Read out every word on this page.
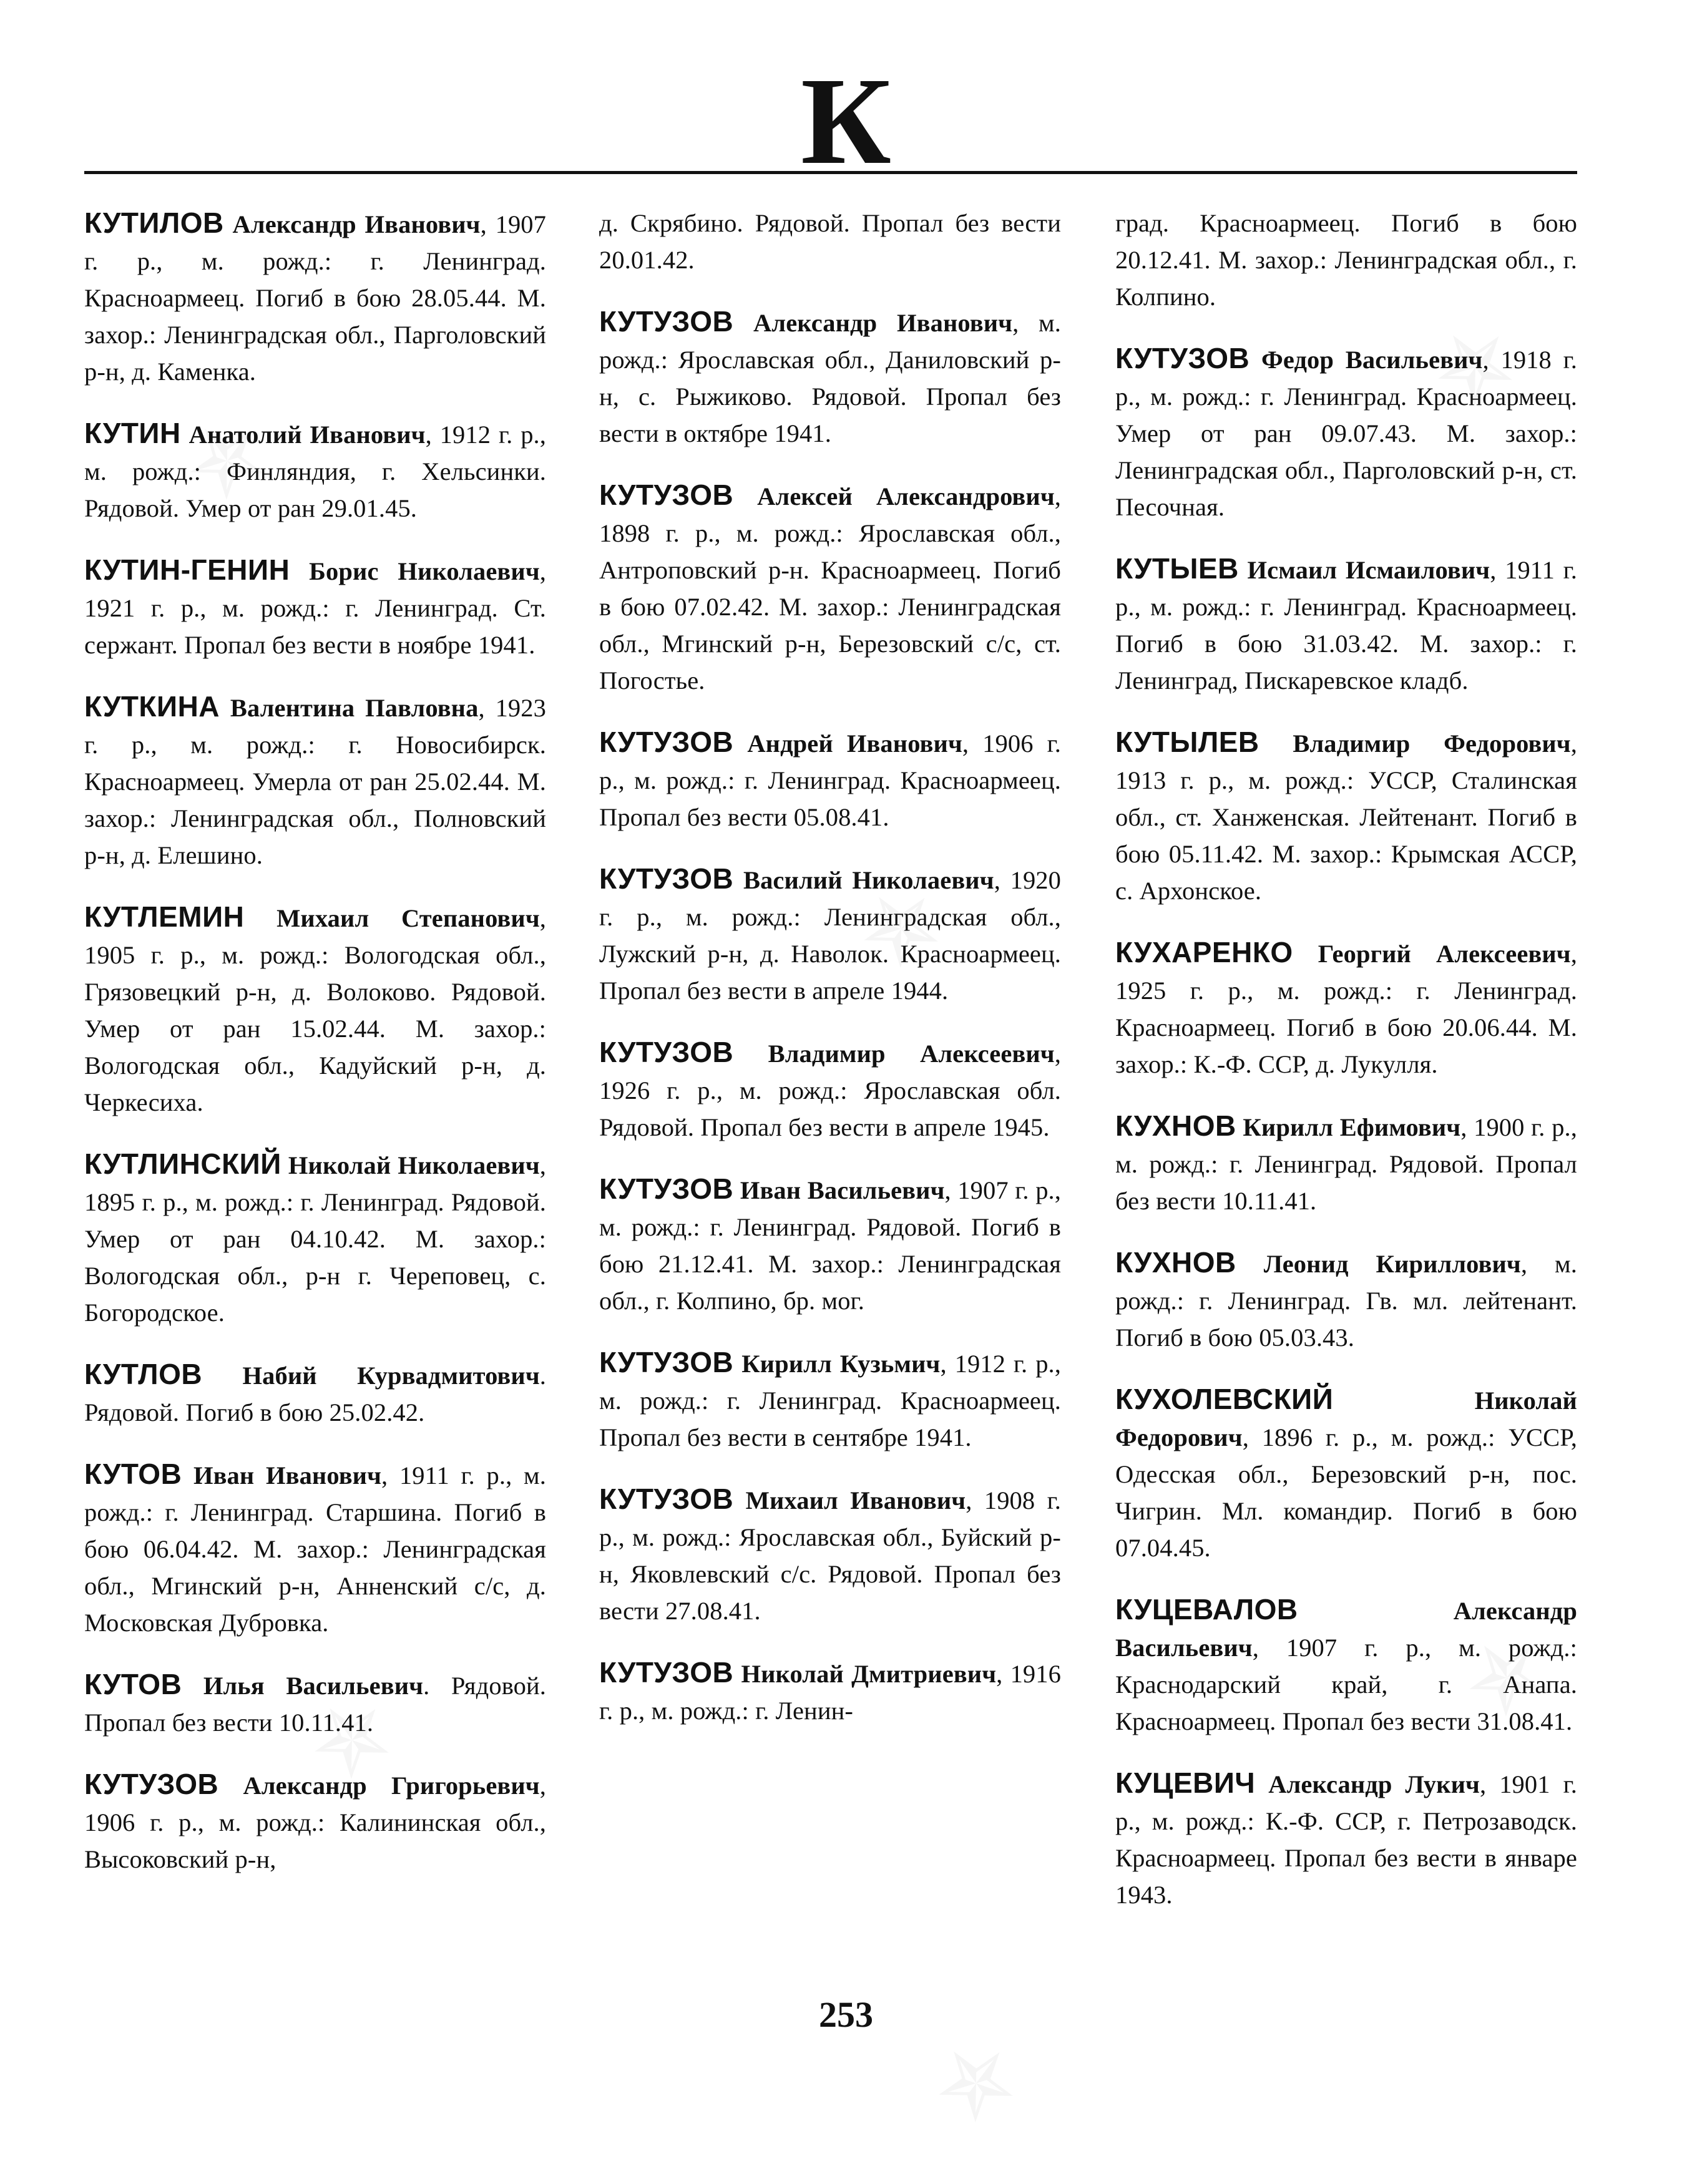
К

КУТИЛОВ Александр Иванович, 1907 г. р., м. рожд.: г. Ленинград. Красноармеец. Погиб в бою 28.05.44. М. захор.: Ленинградская обл., Парголовский р-н, д. Каменка.

КУТИН Анатолий Иванович, 1912 г. р., м. рожд.: Финляндия, г. Хельсинки. Рядовой. Умер от ран 29.01.45.

КУТИН-ГЕНИН Борис Николаевич, 1921 г. р., м. рожд.: г. Ленинград. Ст. сержант. Пропал без вести в ноябре 1941.

КУТКИНА Валентина Павловна, 1923 г. р., м. рожд.: г. Новосибирск. Красноармеец. Умерла от ран 25.02.44. М. захор.: Ленинградская обл., Полновский р-н, д. Елешино.

КУТЛЕМИН Михаил Степанович, 1905 г. р., м. рожд.: Вологодская обл., Грязовецкий р-н, д. Волоково. Рядовой. Умер от ран 15.02.44. М. захор.: Вологодская обл., Кадуйский р-н, д. Черкесиха.

КУТЛИНСКИЙ Николай Николаевич, 1895 г. р., м. рожд.: г. Ленинград. Рядовой. Умер от ран 04.10.42. М. захор.: Вологодская обл., р-н г. Череповец, с. Богородское.

КУТЛОВ Набий Курвадмитович. Рядовой. Погиб в бою 25.02.42.

КУТОВ Иван Иванович, 1911 г. р., м. рожд.: г. Ленинград. Старшина. Погиб в бою 06.04.42. М. захор.: Ленинградская обл., Мгинский р-н, Анненский с/с, д. Московская Дубровка.

КУТОВ Илья Васильевич. Рядовой. Пропал без вести 10.11.41.

КУТУЗОВ Александр Григорьевич, 1906 г. р., м. рожд.: Калининская обл., Высоковский р-н,

д. Скрябино. Рядовой. Пропал без вести 20.01.42.

КУТУЗОВ Александр Иванович, м. рожд.: Ярославская обл., Даниловский р-н, с. Рыжиково. Рядовой. Пропал без вести в октябре 1941.

КУТУЗОВ Алексей Александрович, 1898 г. р., м. рожд.: Ярославская обл., Антроповский р-н. Красноармеец. Погиб в бою 07.02.42. М. захор.: Ленинградская обл., Мгинский р-н, Березовский с/с, ст. Погостье.

КУТУЗОВ Андрей Иванович, 1906 г. р., м. рожд.: г. Ленинград. Красноармеец. Пропал без вести 05.08.41.

КУТУЗОВ Василий Николаевич, 1920 г. р., м. рожд.: Ленинградская обл., Лужский р-н, д. Наволок. Красноармеец. Пропал без вести в апреле 1944.

КУТУЗОВ Владимир Алексеевич, 1926 г. р., м. рожд.: Ярославская обл. Рядовой. Пропал без вести в апреле 1945.

КУТУЗОВ Иван Васильевич, 1907 г. р., м. рожд.: г. Ленинград. Рядовой. Погиб в бою 21.12.41. М. захор.: Ленинградская обл., г. Колпино, бр. мог.

КУТУЗОВ Кирилл Кузьмич, 1912 г. р., м. рожд.: г. Ленинград. Красноармеец. Пропал без вести в сентябре 1941.

КУТУЗОВ Михаил Иванович, 1908 г. р., м. рожд.: Ярославская обл., Буйский р-н, Яковлевский с/с. Рядовой. Пропал без вести 27.08.41.

КУТУЗОВ Николай Дмитриевич, 1916 г. р., м. рожд.: г. Ленин-

град. Красноармеец. Погиб в бою 20.12.41. М. захор.: Ленинградская обл., г. Колпино.

КУТУЗОВ Федор Васильевич, 1918 г. р., м. рожд.: г. Ленинград. Красноармеец. Умер от ран 09.07.43. М. захор.: Ленинградская обл., Парголовский р-н, ст. Песочная.

КУТЫЕВ Исмаил Исмаилович, 1911 г. р., м. рожд.: г. Ленинград. Красноармеец. Погиб в бою 31.03.42. М. захор.: г. Ленинград, Пискаревское кладб.

КУТЫЛЕВ Владимир Федорович, 1913 г. р., м. рожд.: УССР, Сталинская обл., ст. Ханженская. Лейтенант. Погиб в бою 05.11.42. М. захор.: Крымская АССР, с. Архонское.

КУХАРЕНКО Георгий Алексеевич, 1925 г. р., м. рожд.: г. Ленинград. Красноармеец. Погиб в бою 20.06.44. М. захор.: К.-Ф. ССР, д. Лукулля.

КУХНОВ Кирилл Ефимович, 1900 г. р., м. рожд.: г. Ленинград. Рядовой. Пропал без вести 10.11.41.

КУХНОВ Леонид Кириллович, м. рожд.: г. Ленинград. Гв. мл. лейтенант. Погиб в бою 05.03.43.

КУХОЛЕВСКИЙ	Николай Федорович, 1896 г. р., м. рожд.: УССР, Одесская обл., Березовский р-н, пос. Чигрин. Мл. командир. Погиб в бою 07.04.45.

КУЦЕВАЛОВ	Александр Васильевич, 1907 г. р., м. рожд.: Краснодарский край, г. Анапа. Красноармеец. Пропал без вести 31.08.41.

КУЦЕВИЧ Александр Лукич, 1901 г. р., м. рожд.: К.-Ф. ССР, г. Петрозаводск. Красноармеец. Пропал без вести в январе 1943.

253
